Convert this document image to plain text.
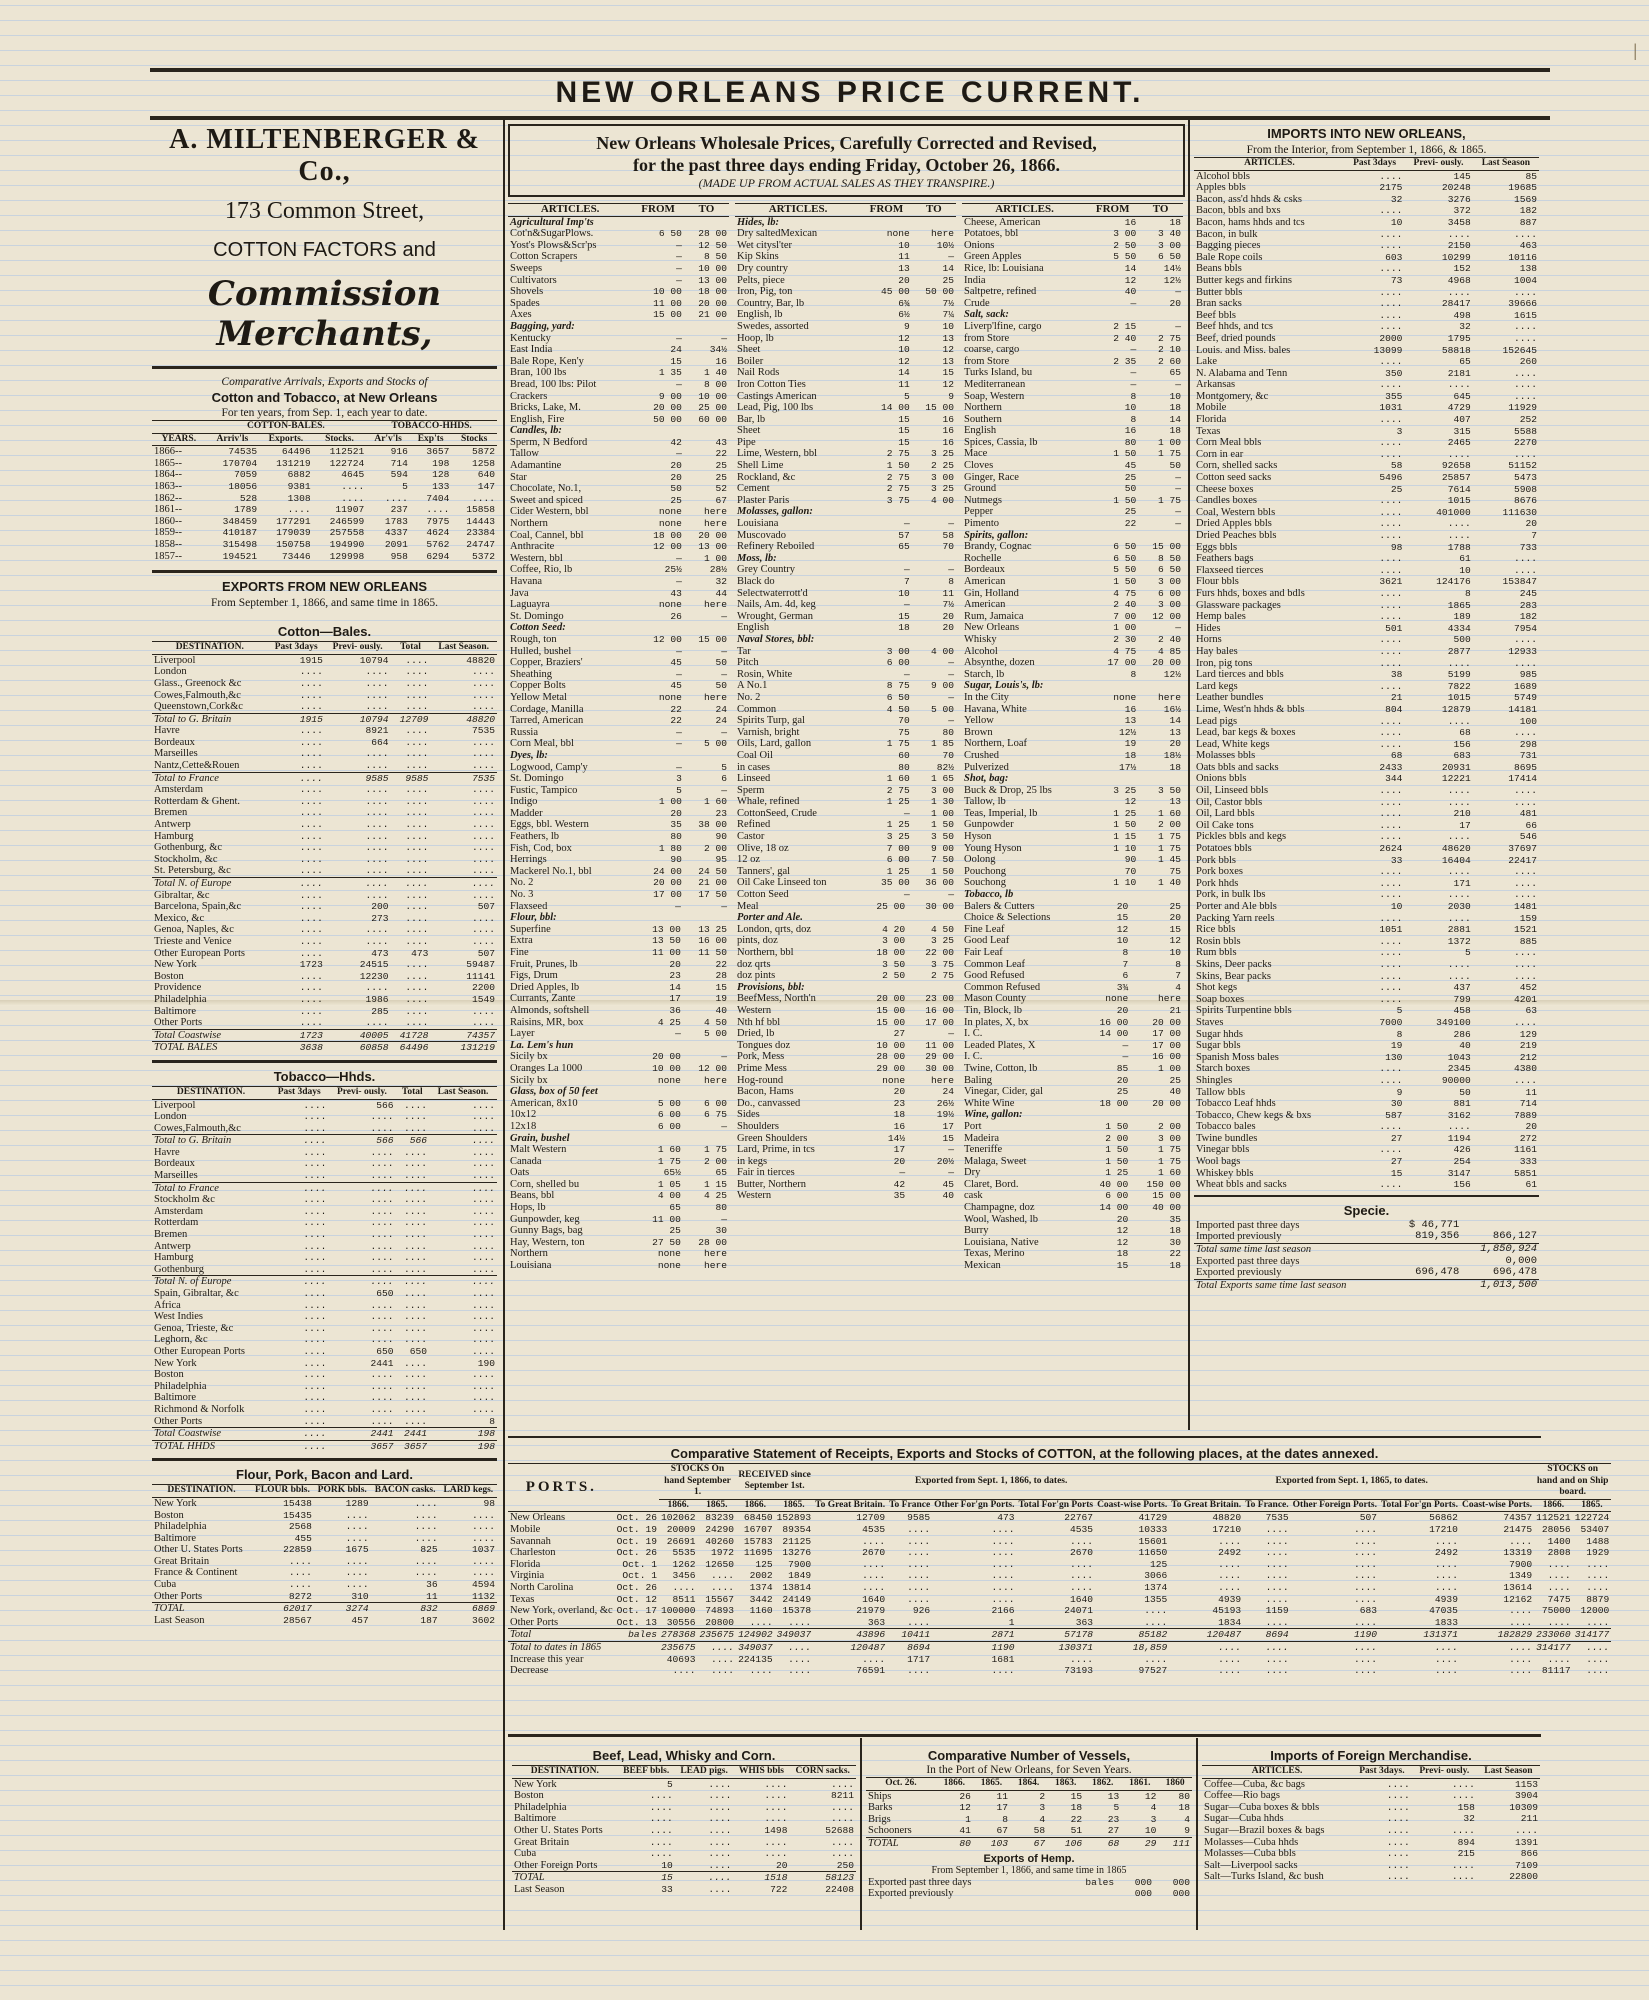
|
NEW ORLEANS PRICE CURRENT.
A. MILTENBERGER & Co.,
173 Common Street,
COTTON FACTORS and
Commission Merchants,
Comparative Arrivals, Exports and Stocks of
Cotton and Tobacco, at New Orleans
For ten years, from Sep. 1, each year to date.
	COTTON-BALES.			TOBACCO-HHDS.		
YEARS.	Arriv'ls	Exports.	Stocks.	Ar'v'ls	Exp'ts	Stocks
1866--	74535	64496	112521	916	3657	5872
1865--	170704	131219	122724	714	198	1258
1864--	7059	6882	4645	594	128	640
1863--	18056	9381	....	5	133	147
1862--	528	1308	....	....	7404	....
1861--	1789	....	11907	237	....	15858
1860--	348459	177291	246599	1783	7975	14443
1859--	410187	179039	257558	4337	4624	23384
1858--	315498	150758	194990	2091	5762	24747
1857--	194521	73446	129998	958	6294	5372
EXPORTS FROM NEW ORLEANS
From September 1, 1866, and same time in 1865.
Cotton—Bales.
DESTINATION.	Past 3days	Previ- ously.	Total	Last Season.
Liverpool	1915	10794	....	48820
London	....	....	....	....
Glass., Greenock &c	....	....	....	....
Cowes,Falmouth,&c	....	....	....	....
Queenstown,Cork&c	....	....	....	....
Total to G. Britain	1915	10794	12709	48820
Havre	....	8921	....	7535
Bordeaux	....	664	....	....
Marseilles	....	....	....	....
Nantz,Cette&Rouen	....	....	....	....
Total to France	....	9585	9585	7535
Amsterdam	....	....	....	....
Rotterdam & Ghent.	....	....	....	....
Bremen	....	....	....	....
Antwerp	....	....	....	....
Hamburg	....	....	....	....
Gothenburg, &c	....	....	....	....
Stockholm, &c	....	....	....	....
St. Petersburg, &c	....	....	....	....
Total N. of Europe	....	....	....	....
Gibraltar, &c	....	....	....	....
Barcelona, Spain,&c	....	200	....	507
Mexico, &c	....	273	....	....
Genoa, Naples, &c	....	....	....	....
Trieste and Venice	....	....	....	....
Other European Ports	....	473	473	507
New York	1723	24515	....	59487
Boston	....	12230	....	11141
Providence	....	....	....	2200
Philadelphia	....	1986	....	1549
Baltimore	....	285	....	....
Other Ports	....	....	....	....
Total Coastwise	1723	40005	41728	74357
TOTAL BALES	3638	60858	64496	131219
Tobacco—Hhds.
DESTINATION.	Past 3days	Previ- ously.	Total	Last Season.
Liverpool	....	566	....	....
London	....	....	....	....
Cowes,Falmouth,&c	....	....	....	....
Total to G. Britain	....	566	566	....
Havre	....	....	....	....
Bordeaux	....	....	....	....
Marseilles	....	....	....	....
Total to France	....	....	....	....
Stockholm &c	....	....	....	....
Amsterdam	....	....	....	....
Rotterdam	....	....	....	....
Bremen	....	....	....	....
Antwerp	....	....	....	....
Hamburg	....	....	....	....
Gothenburg	....	....	....	....
Total N. of Europe	....	....	....	....
Spain, Gibraltar, &c	....	650	....	....
Africa	....	....	....	....
West Indies	....	....	....	....
Genoa, Trieste, &c	....	....	....	....
Leghorn, &c	....	....	....	....
Other European Ports	....	650	650	....
New York	....	2441	....	190
Boston	....	....	....	....
Philadelphia	....	....	....	....
Baltimore	....	....	....	....
Richmond & Norfolk	....	....	....	....
Other Ports	....	....	....	8
Total Coastwise	....	2441	2441	198
TOTAL HHDS	....	3657	3657	198
Flour, Pork, Bacon and Lard.
DESTINATION.	FLOUR bbls.	PORK bbls.	BACON casks.	LARD kegs.
New York	15438	1289	....	98
Boston	15435	....	....	....
Philadelphia	2568	....	....	....
Baltimore	455	....	....	....
Other U. States Ports	22859	1675	825	1037
Great Britain	....	....	....	....
France & Continent	....	....	....	....
Cuba	....	....	36	4594
Other Ports	8272	310	11	1132
TOTAL	62017	3274	832	6869
Last Season	28567	457	187	3602
New Orleans Wholesale Prices, Carefully Corrected and Revised,
for the past three days ending Friday, October 26, 1866.
(MADE UP FROM ACTUAL SALES AS THEY TRANSPIRE.)
ARTICLES.	FROM	TO
Agricultural Imp'ts		
Cot'n&SugarPlows.	6 50	28 00
Yost's Plows&Scr'ps	—	12 50
Cotton Scrapers	—	8 50
Sweeps	—	10 00
Cultivators	—	13 00
Shovels	10 00	18 00
Spades	11 00	20 00
Axes	15 00	21 00
Bagging, yard:		
Kentucky	—	—
East India	24	34½
Bale Rope, Ken'y	15	16
Bran, 100 lbs	1 35	1 40
Bread, 100 lbs: Pilot	—	8 00
Crackers	9 00	10 00
Bricks, Lake, M.	20 00	25 00
English, Fire	50 00	60 00
Candles, lb:		
Sperm, N Bedford	42	43
Tallow	—	22
Adamantine	20	25
Star	20	25
Chocolate, No.1,	50	52
Sweet and spiced	25	67
Cider Western, bbl	none	here
Northern	none	here
Coal, Cannel, bbl	18 00	20 00
Anthracite	12 00	13 00
Western, bbl	—	1 00
Coffee, Rio, lb	25½	28½
Havana	—	32
Java	43	44
Laguayra	none	here
St. Domingo	26	—
Cotton Seed:		
Rough, ton	12 00	15 00
Hulled, bushel	—	—
Copper, Braziers'	45	50
Sheathing	—	—
Copper Bolts	45	50
Yellow Metal	none	here
Cordage, Manilla	22	24
Tarred, American	22	24
Russia	—	—
Corn Meal, bbl	—	5 00
Dyes, lb:		
Logwood, Camp'y	—	5
St. Domingo	3	6
Fustic, Tampico	5	—
Indigo	1 00	1 60
Madder	20	23
Eggs, bbl. Western	35	38 00
Feathers, lb	80	90
Fish, Cod, box	1 80	2 00
Herrings	90	95
Mackerel No.1, bbl	24 00	24 50
No. 2	20 00	21 00
No. 3	17 00	17 50
Flaxseed	—	—
Flour, bbl:		
Superfine	13 00	13 25
Extra	13 50	16 00
Fine	11 00	11 50
Fruit, Prunes, lb	20	22
Figs, Drum	23	28
Dried Apples, lb	14	15
Currants, Zante	17	19
Almonds, softshell	36	40
Raisins, MR, box	4 25	4 50
Layer	—	5 00
La. Lem's hun		
Sicily bx	20 00	—
Oranges La 1000	10 00	12 00
Sicily bx	none	here
Glass, box of 50 feet		
American, 8x10	5 00	6 00
10x12	6 00	6 75
12x18	6 00	—
Grain, bushel		
Malt Western	1 60	1 75
Canada	1 75	2 00
Oats	65½	65
Corn, shelled bu	1 05	1 15
Beans, bbl	4 00	4 25
Hops, lb	65	80
Gunpowder, keg	11 00	—
Gunny Bags, bag	25	30
Hay, Western, ton	27 50	28 00
Northern	none	here
Louisiana	none	here
ARTICLES.	FROM	TO
Hides, lb:		
Dry saltedMexican	none	here
Wet citysl'ter	10	10½
Kip Skins	11	—
Dry country	13	14
Pelts, piece	20	25
Iron, Pig, ton	45 00	50 00
Country, Bar, lb	6¾	7½
English, lb	6½	7¼
Swedes, assorted	9	10
Hoop, lb	12	13
Sheet	10	12
Boiler	12	13
Nail Rods	14	15
Iron Cotton Ties	11	12
Castings American	5	9
Lead, Pig, 100 lbs	14 00	15 00
Bar, lb	15	16
Sheet	15	16
Pipe	15	16
Lime, Western, bbl	2 75	3 25
Shell Lime	1 50	2 25
Rockland, &c	2 75	3 00
Cement	2 75	3 25
Plaster Paris	3 75	4 00
Molasses, gallon:		
Louisiana	—	—
Muscovado	57	58
Refinery Reboiled	65	70
Moss, lb:		
Grey Country	—	—
Black do	7	8
Selectwaterrott'd	10	11
Nails, Am. 4d, keg	—	7½
Wrought, German	15	20
English	18	20
Naval Stores, bbl:		
Tar	3 00	4 00
Pitch	6 00	—
Rosin, White	—	—
A No.1	8 75	9 00
No. 2	6 50	—
Common	4 50	5 00
Spirits Turp, gal	70	—
Varnish, bright	75	80
Oils, Lard, gallon	1 75	1 85
Coal Oil	60	70
in cases	80	82½
Linseed	1 60	1 65
Sperm	2 75	3 00
Whale, refined	1 25	1 30
CottonSeed, Crude	—	1 00
Refined	1 25	1 50
Castor	3 25	3 50
Olive, 18 oz	7 00	9 00
12 oz	6 00	7 50
Tanners', gal	1 25	1 50
Oil Cake Linseed ton	35 00	36 00
Cotton Seed	—	—
Meal	25 00	30 00
Porter and Ale.		
London, qrts, doz	4 20	4 50
pints, doz	3 00	3 25
Northern, bbl	18 00	22 00
doz qrts	3 50	3 75
doz pints	2 50	2 75
Provisions, bbl:		
BeefMess, North'n	20 00	23 00
Western	15 00	16 00
Nth hf bbl	15 00	17 00
Dried, lb	27	—
Tongues doz	10 00	11 00
Pork, Mess	28 00	29 00
Prime Mess	29 00	30 00
Hog-round	none	here
Bacon, Hams	20	24
Do., canvassed	23	26½
Sides	18	19½
Shoulders	16	17
Green Shoulders	14½	15
Lard, Prime, in tcs	17	—
in kegs	20	20½
Fair in tierces	—	—
Butter, Northern	42	45
Western	35	40
ARTICLES.	FROM	TO
Cheese, American	16	18
Potatoes, bbl	3 00	3 40
Onions	2 50	3 00
Green Apples	5 50	6 50
Rice, lb: Louisiana	14	14½
India	12	12½
Saltpetre, refined	40	—
Crude	—	20
Salt, sack:		
Liverp'lfine, cargo	2 15	—
from Store	2 40	2 75
coarse, cargo	—	2 10
from Store	2 35	2 60
Turks Island, bu	—	65
Mediterranean	—	—
Soap, Western	8	10
Northern	10	18
Southern	8	14
English	16	18
Spices, Cassia, lb	80	1 00
Mace	1 50	1 75
Cloves	45	50
Ginger, Race	25	—
Ground	50	—
Nutmegs	1 50	1 75
Pepper	25	—
Pimento	22	—
Spirits, gallon:		
Brandy, Cognac	6 50	15 00
Rochelle	6 50	8 50
Bordeaux	5 50	6 50
American	1 50	3 00
Gin, Holland	4 75	6 00
American	2 40	3 00
Rum, Jamaica	7 00	12 00
New Orleans	1 00	—
Whisky	2 30	2 40
Alcohol	4 75	4 85
Absynthe, dozen	17 00	20 00
Starch, lb	8	12½
Sugar, Louis's, lb:		
In the City	none	here
Havana, White	16	16½
Yellow	13	14
Brown	12½	13
Northern, Loaf	19	20
Crushed	18	18½
Pulverized	17½	18
Shot, bag:		
Buck & Drop, 25 lbs	3 25	3 50
Tallow, lb	12	13
Teas, Imperial, lb	1 25	1 60
Gunpowder	1 50	2 00
Hyson	1 15	1 75
Young Hyson	1 10	1 75
Oolong	90	1 45
Pouchong	70	75
Souchong	1 10	1 40
Tobacco, lb		
Balers & Cutters	20	25
Choice & Selections	15	20
Fine Leaf	12	15
Good Leaf	10	12
Fair Leaf	8	10
Common Leaf	7	8
Good Refused	6	7
Common Refused	3¾	4
Mason County	none	here
Tin, Block, lb	20	21
In plates, X, bx	16 00	20 00
I. C.	14 00	17 00
Leaded Plates, X	—	17 00
I. C.	—	16 00
Twine, Cotton, lb	85	1 00
Baling	20	25
Vinegar, Cider, gal	25	40
White Wine	18 00	20 00
Wine, gallon:		
Port	1 50	2 00
Madeira	2 00	3 00
Teneriffe	1 50	1 75
Malaga, Sweet	1 50	1 75
Dry	1 25	1 60
Claret, Bord.	40 00	150 00
cask	6 00	15 00
Champagne, doz	14 00	40 00
Wool, Washed, lb	20	35
Burry	12	18
Louisiana, Native	12	30
Texas, Merino	18	22
Mexican	15	18
IMPORTS INTO NEW ORLEANS,
From the Interior, from September 1, 1866, & 1865.
ARTICLES.	Past 3days	Previ- ously.	Last Season
Alcohol bbls	....	145	85
Apples bbls	2175	20248	19685
Bacon, ass'd hhds & csks	32	3276	1569
Bacon, bbls and bxs	....	372	182
Bacon, hams hhds and tcs	10	3458	887
Bacon, in bulk	....	....	....
Bagging pieces	....	2150	463
Bale Rope coils	603	10299	10116
Beans bbls	....	152	138
Butter kegs and firkins	73	4968	1004
Butter bbls	....	....	....
Bran sacks	....	28417	39666
Beef bbls	....	498	1615
Beef hhds, and tcs	....	32	....
Beef, dried pounds	2000	1795	....
Louis. and Miss. bales	13099	58818	152645
Lake	....	65	260
N. Alabama and Tenn	350	2181	....
Arkansas	....	....	....
Montgomery, &c	355	645	....
Mobile	1031	4729	11929
Florida	....	407	252
Texas	3	315	5588
Corn Meal bbls	....	2465	2270
Corn in ear	....	....	....
Corn, shelled sacks	58	92658	51152
Cotton seed sacks	5496	25857	5473
Cheese boxes	25	7614	5908
Candles boxes	....	1015	8676
Coal, Western bbls	....	401000	111630
Dried Apples bbls	....	....	20
Dried Peaches bbls	....	....	7
Eggs bbls	98	1788	733
Feathers bags	....	61	....
Flaxseed tierces	....	10	....
Flour bbls	3621	124176	153847
Furs hhds, boxes and bdls	....	8	245
Glassware packages	....	1865	283
Hemp bales	....	189	182
Hides	501	4334	7954
Horns	....	500	....
Hay bales	....	2877	12933
Iron, pig tons	....	....	....
Lard tierces and bbls	38	5199	985
Lard kegs	....	7822	1689
Leather bundles	21	1015	5749
Lime, West'n hhds & bbls	804	12879	14181
Lead pigs	....	....	100
Lead, bar kegs & boxes	....	68	....
Lead, White kegs	....	156	298
Molasses bbls	68	683	731
Oats bbls and sacks	2433	20931	8695
Onions bbls	344	12221	17414
Oil, Linseed bbls	....	....	....
Oil, Castor bbls	....	....	....
Oil, Lard bbls	....	210	481
Oil Cake tons	....	17	66
Pickles bbls and kegs	....	....	546
Potatoes bbls	2624	48620	37697
Pork bbls	33	16404	22417
Pork boxes	....	....	....
Pork hhds	....	171	....
Pork, in bulk lbs	....	....	....
Porter and Ale bbls	10	2030	1481
Packing Yarn reels	....	....	159
Rice bbls	1051	2881	1521
Rosin bbls	....	1372	885
Rum bbls	....	5	....
Skins, Deer packs	....	....	....
Skins, Bear packs	....	....	....
Shot kegs	....	437	452
Soap boxes	....	799	4201
Spirits Turpentine bbls	5	458	63
Staves	7000	349100	....
Sugar hhds	8	286	129
Sugar bbls	19	40	219
Spanish Moss bales	130	1043	212
Starch boxes	....	2345	4380
Shingles	....	90000	....
Tallow bbls	9	50	11
Tobacco Leaf hhds	30	881	714
Tobacco, Chew kegs & bxs	587	3162	7889
Tobacco bales	....	....	20
Twine bundles	27	1194	272
Vinegar bbls	....	426	1161
Wool bags	27	254	333
Whiskey bbls	15	3147	5851
Wheat bbls and sacks	....	156	61
Specie.
Imported past three days	$ 46,771	
Imported previously	819,356	866,127
Total same time last season		1,850,924
Exported past three days		0,000
Exported previously	696,478	696,478
Total Exports same time last season		1,013,500
Comparative Statement of Receipts, Exports and Stocks of COTTON, at the following places, at the dates annexed.
PORTS.		STOCKS On hand September 1.		RECEIVED since September 1st.		Exported from Sept. 1, 1866, to dates.					Exported from Sept. 1, 1865, to dates.					STOCKS on hand and on Ship board.	
		1866.	1865.	1866.	1865.	To Great Britain.	To France	Other For'gn Ports.	Total For'gn Ports	Coast-wise Ports.	To Great Britain.	To France.	Other Foreign Ports.	Total For'gn Ports.	Coast-wise Ports.	1866.	1865.
New Orleans	Oct. 26	102062	83239	68450	152893	12709	9585	473	22767	41729	48820	7535	507	56862	74357	112521	122724
Mobile	Oct. 19	20009	24290	16707	89354	4535	....	....	4535	10333	17210	....	....	17210	21475	28056	53407
Savannah	Oct. 19	26691	40260	15783	21125	....	....	....	....	15601	....	....	....	....	....	1400	1488
Charleston	Oct. 26	5535	1972	11695	13276	2670	....	....	2670	11650	2492	....	....	2492	13319	2808	1929
Florida	Oct. 1	1262	12650	125	7900	....	....	....	....	125	....	....	....	....	7900	....	....
Virginia	Oct. 1	3456	....	2002	1849	....	....	....	....	3066	....	....	....	....	1349	....	....
North Carolina	Oct. 26	....	....	1374	13814	....	....	....	....	1374	....	....	....	....	13614	....	....
Texas	Oct. 12	8511	15567	3442	24149	1640	....	....	1640	1355	4939	....	....	4939	12162	7475	8879
New York, overland, &c	Oct. 17	100000	74893	1160	15378	21979	926	2166	24071	....	45193	1159	683	47035	....	75000	12000
Other Ports	Oct. 13	30556	20800	....	....	363	....	1	363	....	1834	....	....	1833	....	....	....
Total	bales	278368	235675	124902	349037	43896	10411	2871	57178	85182	120487	8694	1190	131371	182829	233060	314177
Total to dates in 1865		235675	....	349037	....	120487	8694	1190	130371	18,859	....	....	....	....	....	314177	....
Increase this year		40693	....	224135	....	....	1717	1681	....	....	....	....	....	....	....	....	....
Decrease		....	....	....	....	76591	....	....	73193	97527	....	....	....	....	....	81117	....
Beef, Lead, Whisky and Corn.
DESTINATION.	BEEF bbls.	LEAD pigs.	WHIS bbls	CORN sacks.
New York	5	....	....	....
Boston	....	....	....	8211
Philadelphia	....	....	....	....
Baltimore	....	....	....	....
Other U. States Ports	....	....	1498	52688
Great Britain	....	....	....	....
Cuba	....	....	....	....
Other Foreign Ports	10	....	20	250
TOTAL	15	....	1518	58123
Last Season	33	....	722	22408
Comparative Number of Vessels,
In the Port of New Orleans, for Seven Years.
Oct. 26.	1866.	1865.	1864.	1863.	1862.	1861.	1860
Ships	26	11	2	15	13	12	80
Barks	12	17	3	18	5	4	18
Brigs	1	8	4	22	23	3	4
Schooners	41	67	58	51	27	10	9
TOTAL	80	103	67	106	68	29	111
Exports of Hemp.
From September 1, 1866, and same time in 1865
Exported past three days	bales	000	000
Exported previously		000	000
Imports of Foreign Merchandise.
ARTICLES.	Past 3days.	Previ- ously.	Last Season
Coffee—Cuba, &c bags	....	....	1153
Coffee—Rio bags	....	....	3904
Sugar—Cuba boxes & bbls	....	158	10309
Sugar—Cuba hhds	....	32	211
Sugar—Brazil boxes & bags	....	....	....
Molasses—Cuba hhds	....	894	1391
Molasses—Cuba bbls	....	215	866
Salt—Liverpool sacks	....	....	7109
Salt—Turks Island, &c bush	....	....	22800
